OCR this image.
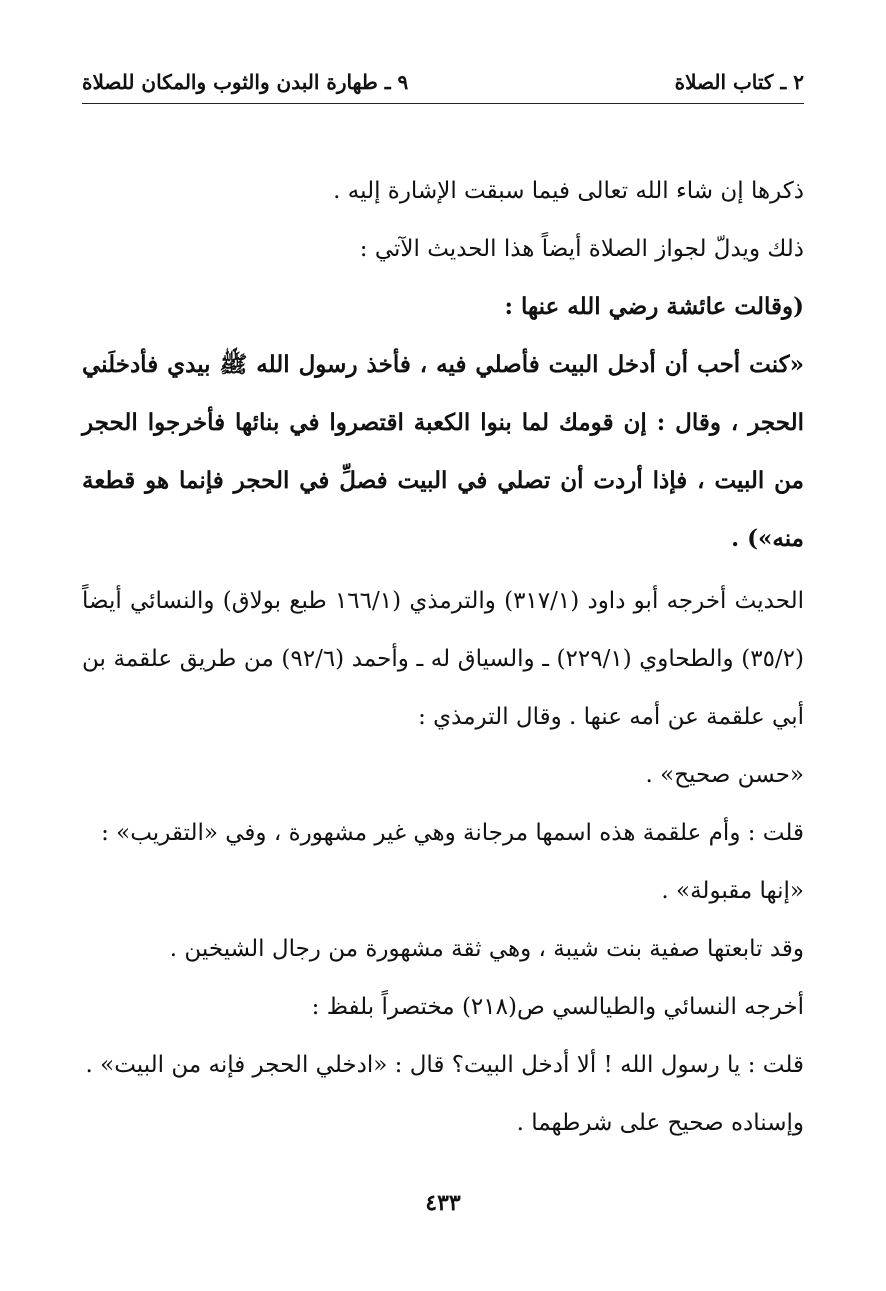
٢ ـ كتاب الصلاة
٩ ـ طهارة البدن والثوب والمكان للصلاة

ذكرها إن شاء الله تعالى فيما سبقت الإشارة إليه .

ذلك ويدلّ لجواز الصلاة أيضاً هذا الحديث الآتي :

(وقالت عائشة رضي الله عنها :

«كنت أحب أن أدخل البيت فأصلي فيه ، فأخذ رسول الله ﷺ بيدي فأدخلَني الحجر ، وقال : إن قومك لما بنوا الكعبة اقتصروا في بنائها فأخرجوا الحجر من البيت ، فإذا أردت أن تصلي في البيت فصلِّ في الحجر فإنما هو قطعة منه») .

الحديث أخرجه أبو داود (٣١٧/١) والترمذي (١٦٦/١ طبع بولاق) والنسائي أيضاً (٣٥/٢) والطحاوي (٢٢٩/١) ـ والسياق له ـ وأحمد (٩٢/٦) من طريق علقمة بن أبي علقمة عن أمه عنها . وقال الترمذي :

«حسن صحيح» .

قلت : وأم علقمة هذه اسمها مرجانة وهي غير مشهورة ، وفي «التقريب» :

«إنها مقبولة» .

وقد تابعتها صفية بنت شيبة ، وهي ثقة مشهورة من رجال الشيخين .

أخرجه النسائي والطيالسي ص(٢١٨) مختصراً بلفظ :

قلت : يا رسول الله ! ألا أدخل البيت؟ قال : «ادخلي الحجر فإنه من البيت» .

وإسناده صحيح على شرطهما .

٤٣٣
